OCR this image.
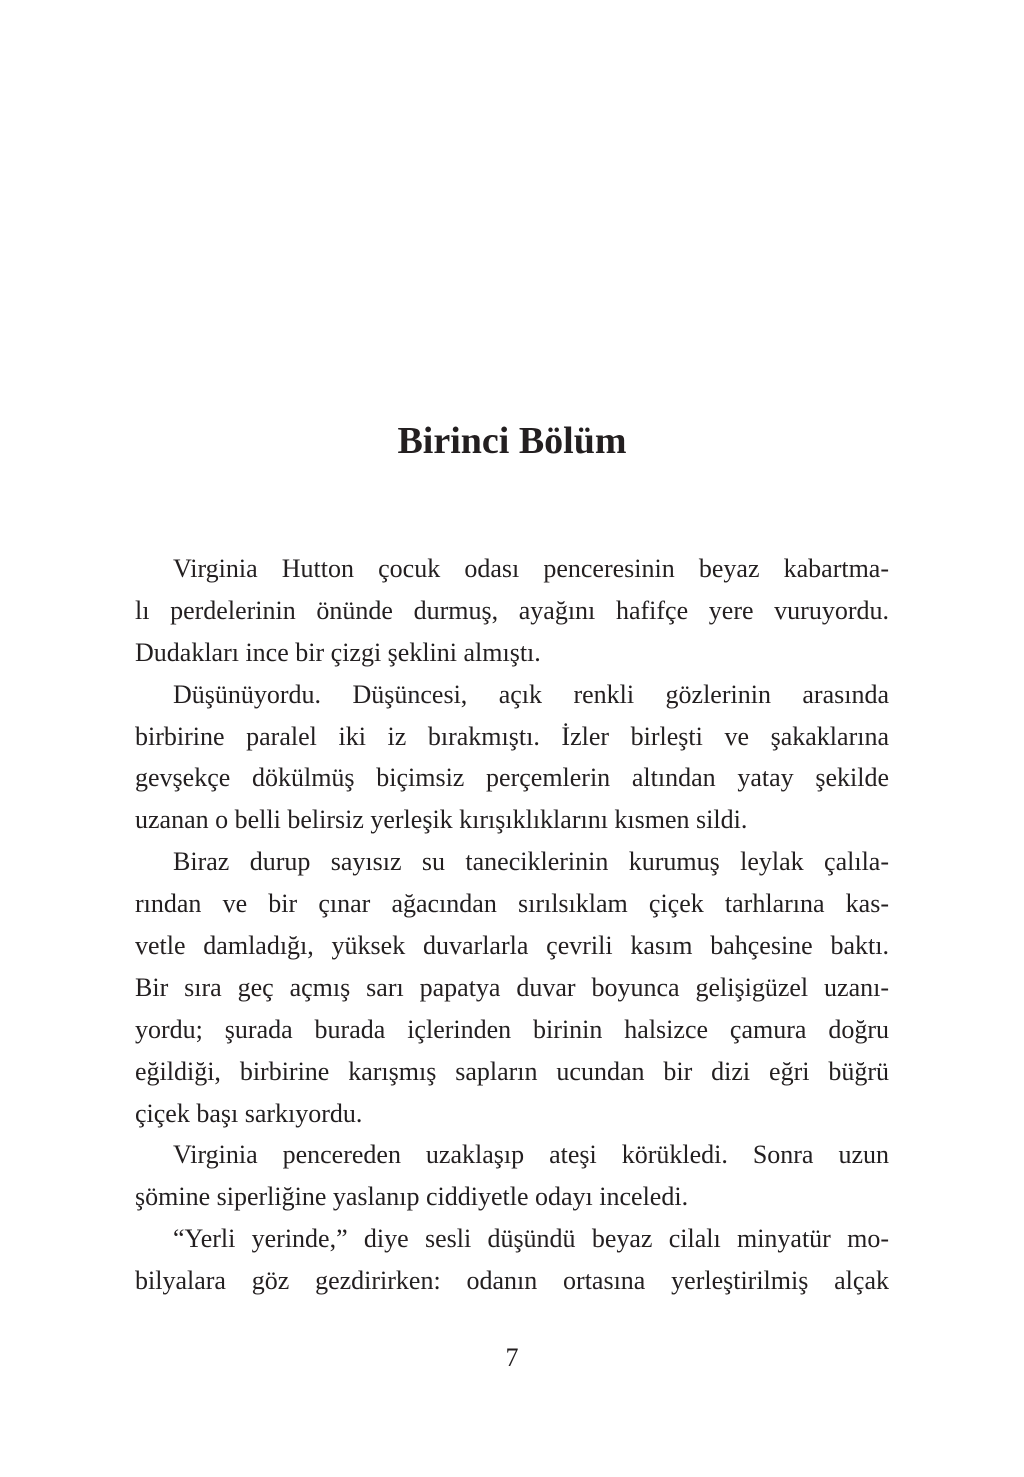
Birinci Bölüm
Virginia Hutton çocuk odası penceresinin beyaz kabartma-
lı perdelerinin önünde durmuş, ayağını hafifçe yere vuruyordu.
Dudakları ince bir çizgi şeklini almıştı.
Düşünüyordu. Düşüncesi, açık renkli gözlerinin arasında
birbirine paralel iki iz bırakmıştı. İzler birleşti ve şakaklarına
gevşekçe dökülmüş biçimsiz perçemlerin altından yatay şekilde
uzanan o belli belirsiz yerleşik kırışıklıklarını kısmen sildi.
Biraz durup sayısız su taneciklerinin kurumuş leylak çalıla-
rından ve bir çınar ağacından sırılsıklam çiçek tarhlarına kas-
vetle damladığı, yüksek duvarlarla çevrili kasım bahçesine baktı.
Bir sıra geç açmış sarı papatya duvar boyunca gelişigüzel uzanı-
yordu; şurada burada içlerinden birinin halsizce çamura doğru
eğildiği, birbirine karışmış sapların ucundan bir dizi eğri büğrü
çiçek başı sarkıyordu.
Virginia pencereden uzaklaşıp ateşi körükledi. Sonra uzun
şömine siperliğine yaslanıp ciddiyetle odayı inceledi.
“Yerli yerinde,” diye sesli düşündü beyaz cilalı minyatür mo-
bilyalara göz gezdirirken: odanın ortasına yerleştirilmiş alçak
7
